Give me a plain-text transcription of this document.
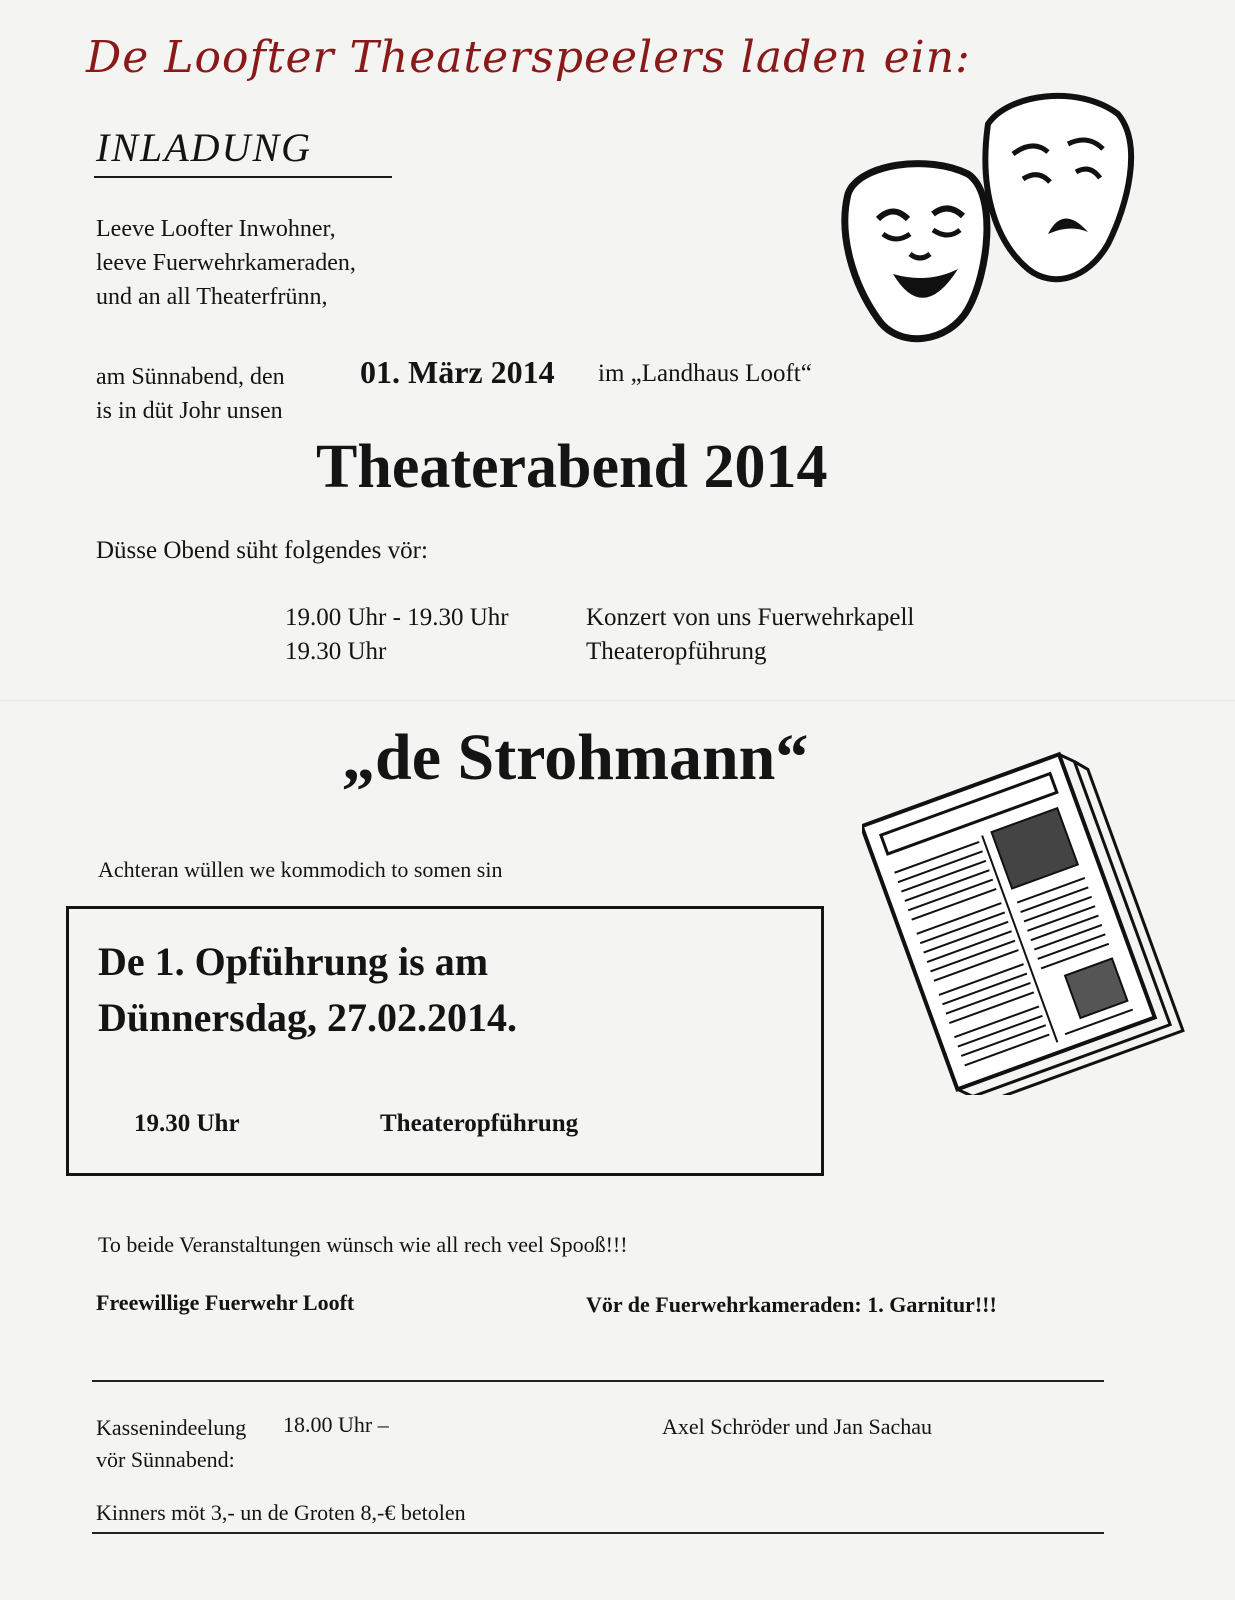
De Loofter Theaterspeelers laden ein:
INLADUNG
Leeve Loofter Inwohner,
leeve Fuerwehrkameraden,
und an all Theaterfrünn,
am Sünnabend, den
is in düt Johr unsen
01. März 2014 im „Landhaus Looft“
Theaterabend 2014
Düsse Obend süht folgendes vör:
19.00 Uhr - 19.30 Uhr	Konzert von uns Fuerwehrkapell
19.30 Uhr	Theateropführung
„de Strohmann“
Achteran wüllen we kommodich to somen sin
De 1. Opführung is am
Dünnersdag, 27.02.2014.
19.30 Uhr	Theateropführung
To beide Veranstaltungen wünsch wie all rech veel Spooß!!!
Freewillige Fuerwehr Looft	Vör de Fuerwehrkameraden: 1. Garnitur!!!
Kassenindeelung vör Sünnabend:
18.00 Uhr –	Axel Schröder und Jan Sachau
Kinners möt 3,- un de Groten 8,-€ betolen
